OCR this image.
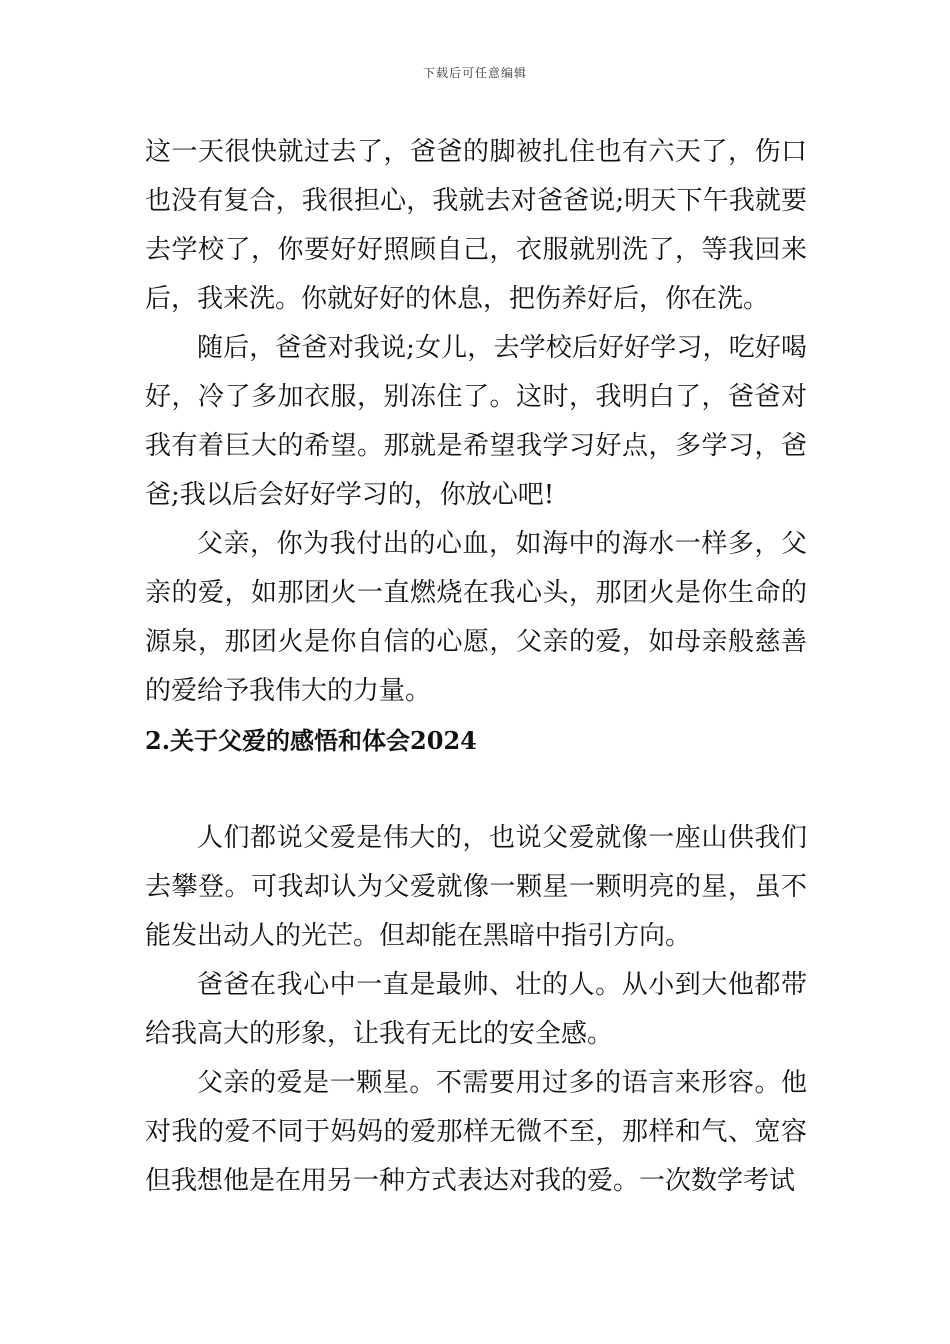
下载后可任意编辑

这一天很快就过去了，爸爸的脚被扎住也有六天了，伤口也没有复合，我很担心，我就去对爸爸说;明天下午我就要去学校了，你要好好照顾自己，衣服就别洗了，等我回来后，我来洗。你就好好的休息，把伤养好后，你在洗。

随后，爸爸对我说;女儿，去学校后好好学习，吃好喝好，冷了多加衣服，别冻住了。这时，我明白了，爸爸对我有着巨大的希望。那就是希望我学习好点，多学习，爸爸;我以后会好好学习的，你放心吧!

父亲，你为我付出的心血，如海中的海水一样多，父亲的爱，如那团火一直燃烧在我心头，那团火是你生命的源泉，那团火是你自信的心愿，父亲的爱，如母亲般慈善的爱给予我伟大的力量。

2.关于父爱的感悟和体会2024

人们都说父爱是伟大的，也说父爱就像一座山供我们去攀登。可我却认为父爱就像一颗星一颗明亮的星，虽不能发出动人的光芒。但却能在黑暗中指引方向。

爸爸在我心中一直是最帅、壮的人。从小到大他都带给我高大的形象，让我有无比的安全感。

父亲的爱是一颗星。不需要用过多的语言来形容。他对我的爱不同于妈妈的爱那样无微不至，那样和气、宽容但我想他是在用另一种方式表达对我的爱。一次数学考试
